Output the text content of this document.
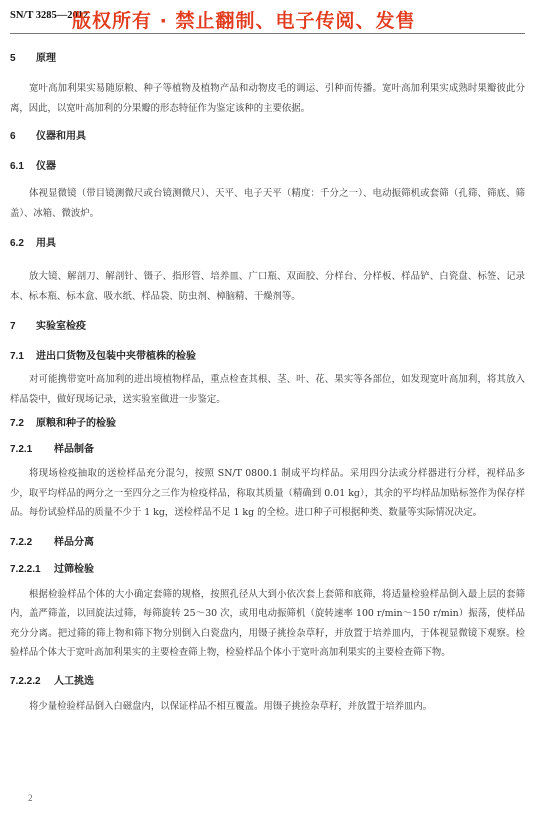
SN/T 3285—2012
版权所有 · 禁止翻制、电子传阅、发售
5 原理

宽叶高加利果实易随原粮、种子等植物及植物产品和动物皮毛的调运、引种而传播。宽叶高加利果实成熟时果瓣彼此分离，因此，以宽叶高加利的分果瓣的形态特征作为鉴定该种的主要依据。

6 仪器和用具
6.1 仪器

体视显微镜（带目镜测微尺或台镜测微尺）、天平、电子天平（精度：千分之一）、电动振筛机或套筛（孔筛、筛底、筛盖）、冰箱、微波炉。

6.2 用具

放大镜、解剖刀、解剖针、镊子、指形管、培养皿、广口瓶、双面胶、分样台、分样板、样品铲、白瓷盘、标签、记录本、标本瓶、标本盒、吸水纸、样品袋、防虫剂、樟脑精、干燥剂等。

7 实验室检疫
7.1 进出口货物及包装中夹带植株的检验

对可能携带宽叶高加利的进出境植物样品，重点检查其根、茎、叶、花、果实等各部位，如发现宽叶高加利，将其放入样品袋中，做好现场记录，送实验室做进一步鉴定。

7.2 原粮和种子的检验
7.2.1 样品制备

将现场检疫抽取的送检样品充分混匀，按照 SN/T 0800.1 制成平均样品。采用四分法或分样器进行分样，视样品多少，取平均样品的两分之一至四分之三作为检疫样品，称取其质量（精确到 0.01 kg），其余的平均样品加贴标签作为保存样品。每份试验样品的质量不少于 1 kg，送检样品不足 1 kg 的全检。进口种子可根据种类、数量等实际情况决定。

7.2.2 样品分离
7.2.2.1 过筛检验

根据检验样品个体的大小确定套筛的规格，按照孔径从大到小依次套上套筛和底筛，将适量检验样品倒入最上层的套筛内，盖严筛盖，以回旋法过筛，每筛旋转 25～30 次，或用电动振筛机（旋转速率 100 r/min～150 r/min）振荡，使样品充分分离。把过筛的筛上物和筛下物分别倒入白瓷盘内，用镊子挑捡杂草籽，并放置于培养皿内，于体视显微镜下观察。检验样品个体大于宽叶高加利果实的主要检查筛上物，检验样品个体小于宽叶高加利果实的主要检查筛下物。

7.2.2.2 人工挑选

将少量检验样品倒入白磁盘内，以保证样品不相互覆盖。用镊子挑捡杂草籽，并放置于培养皿内。

2
